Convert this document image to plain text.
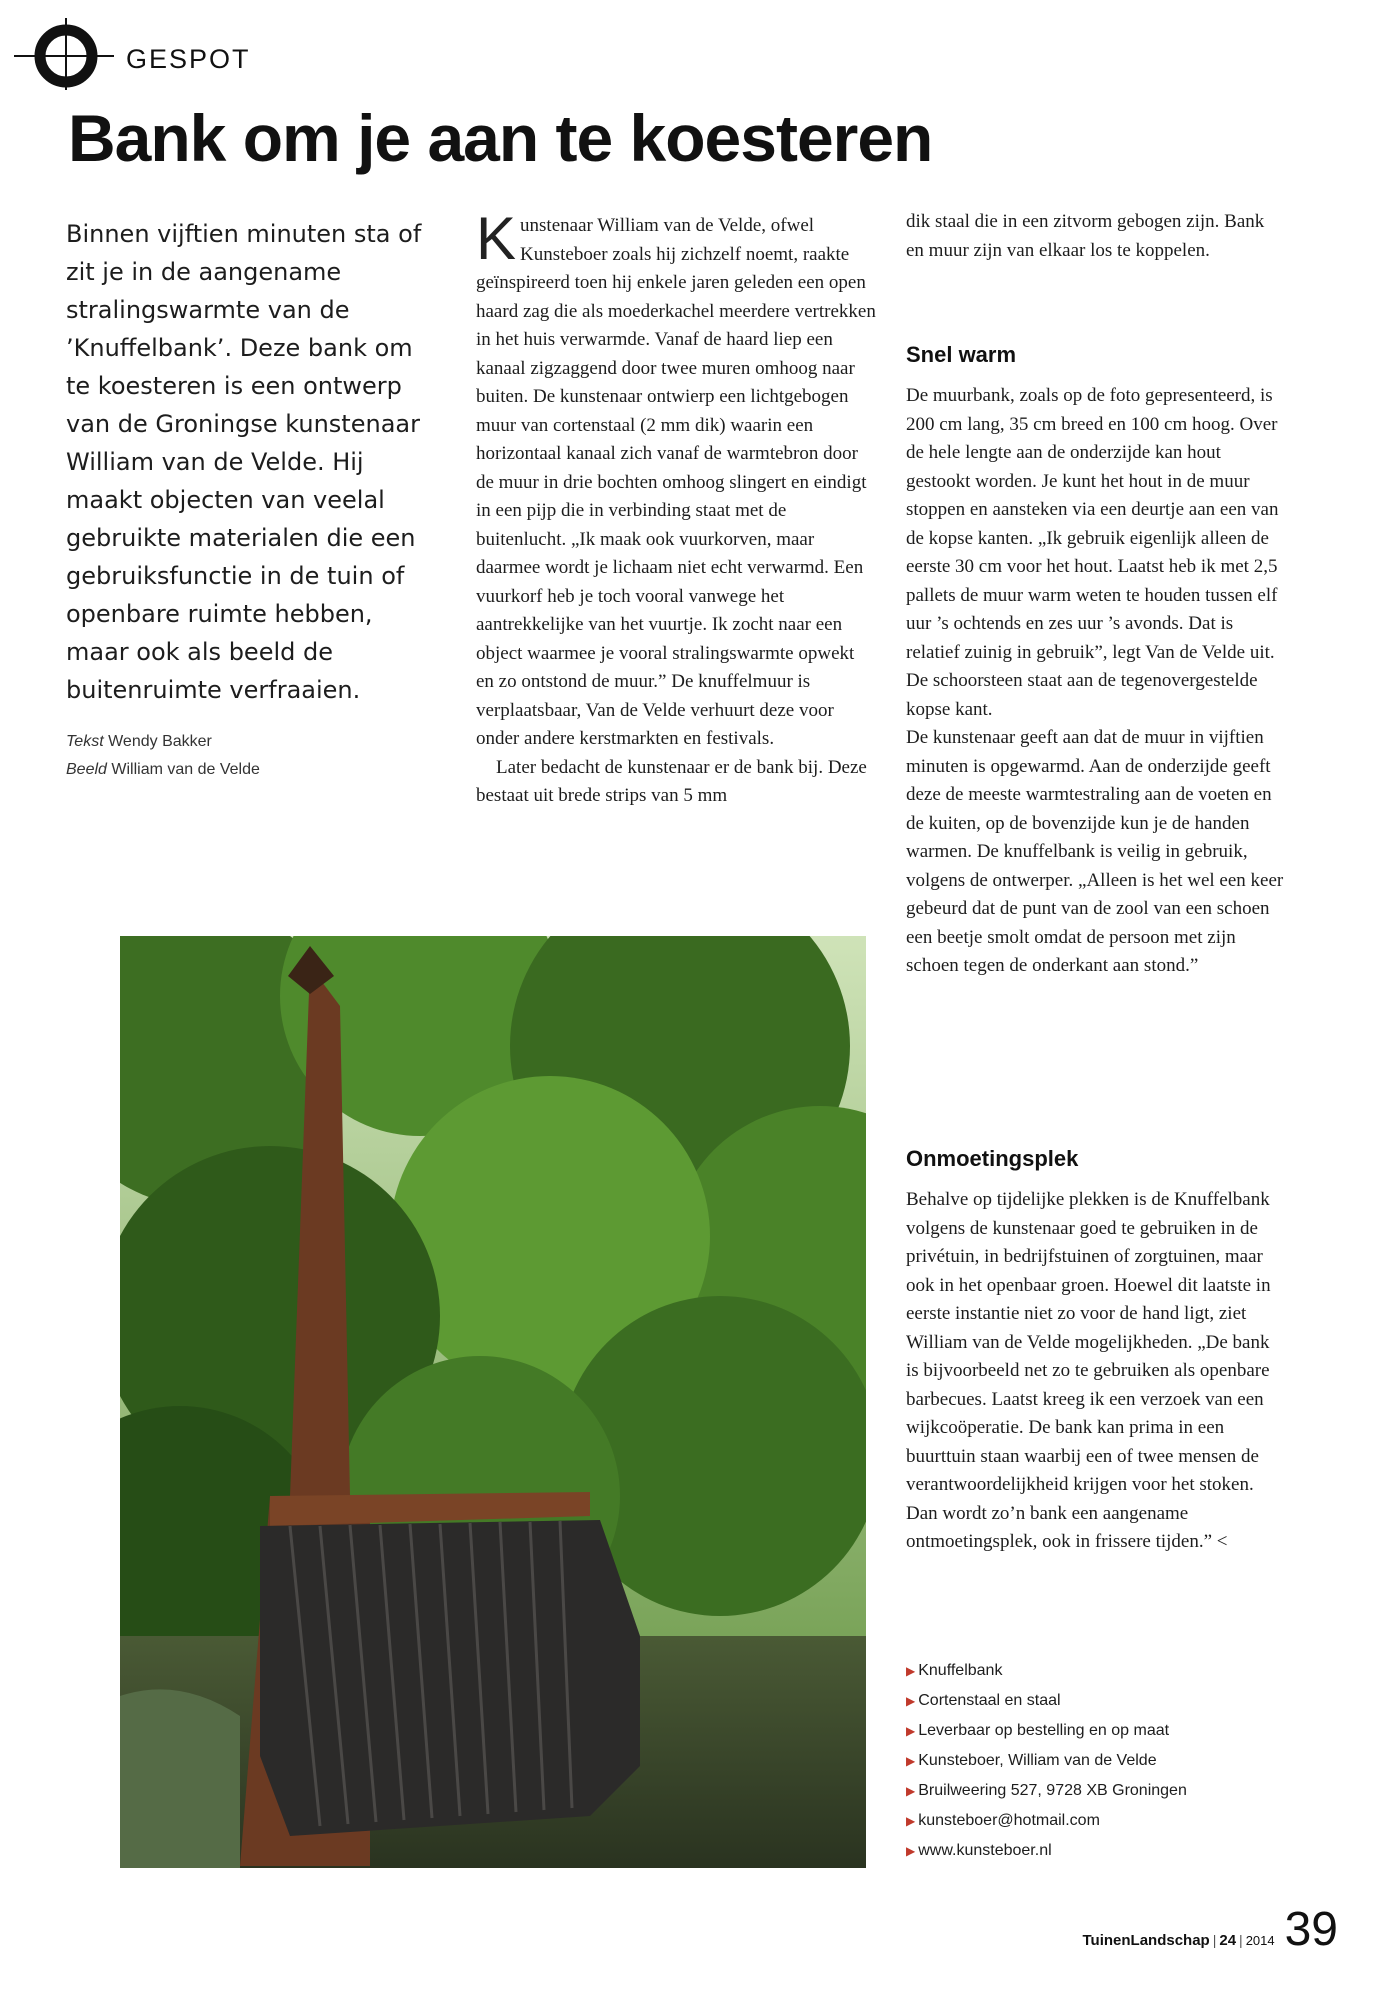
GESPOT
Bank om je aan te koesteren

Binnen vijftien minuten sta of zit je in de aangename stralingswarmte van de ’Knuffelbank’. Deze bank om te koesteren is een ontwerp van de Groningse kunstenaar William van de Velde. Hij maakt objecten van veelal gebruikte materialen die een gebruiksfunctie in de tuin of openbare ruimte hebben, maar ook als beeld de buitenruimte verfraaien.

Tekst Wendy Bakker
Beeld William van de Velde

Kunstenaar William van de Velde, ofwel Kunsteboer zoals hij zichzelf noemt, raakte geïnspireerd toen hij enkele jaren geleden een open haard zag die als moederkachel meerdere vertrekken in het huis verwarmde. Vanaf de haard liep een kanaal zigzaggend door twee muren omhoog naar buiten. De kunstenaar ontwierp een lichtgebogen muur van cortenstaal (2 mm dik) waarin een horizontaal kanaal zich vanaf de warmtebron door de muur in drie bochten omhoog slingert en eindigt in een pijp die in verbinding staat met de buitenlucht. „Ik maak ook vuurkorven, maar daarmee wordt je lichaam niet echt verwarmd. Een vuurkorf heb je toch vooral vanwege het aantrekkelijke van het vuurtje. Ik zocht naar een object waarmee je vooral stralingswarmte opwekt en zo ontstond de muur.” De knuffelmuur is verplaatsbaar, Van de Velde verhuurt deze voor onder andere kerstmarkten en festivals.

Later bedacht de kunstenaar er de bank bij. Deze bestaat uit brede strips van 5 mm

dik staal die in een zitvorm gebogen zijn. Bank en muur zijn van elkaar los te koppelen.

Snel warm

De muurbank, zoals op de foto gepresenteerd, is 200 cm lang, 35 cm breed en 100 cm hoog. Over de hele lengte aan de onderzijde kan hout gestookt worden. Je kunt het hout in de muur stoppen en aansteken via een deurtje aan een van de kopse kanten. „Ik gebruik eigenlijk alleen de eerste 30 cm voor het hout. Laatst heb ik met 2,5 pallets de muur warm weten te houden tussen elf uur ’s ochtends en zes uur ’s avonds. Dat is relatief zuinig in gebruik”, legt Van de Velde uit. De schoorsteen staat aan de tegenovergestelde kopse kant.

De kunstenaar geeft aan dat de muur in vijftien minuten is opgewarmd. Aan de onderzijde geeft deze de meeste warmtestraling aan de voeten en de kuiten, op de bovenzijde kun je de handen warmen. De knuffelbank is veilig in gebruik, volgens de ontwerper. „Alleen is het wel een keer gebeurd dat de punt van de zool van een schoen een beetje smolt omdat de persoon met zijn schoen tegen de onderkant aan stond.”

Onmoetingsplek

Behalve op tijdelijke plekken is de Knuffelbank volgens de kunstenaar goed te gebruiken in de privétuin, in bedrijfstuinen of zorgtuinen, maar ook in het openbaar groen. Hoewel dit laatste in eerste instantie niet zo voor de hand ligt, ziet William van de Velde mogelijkheden. „De bank is bijvoorbeeld net zo te gebruiken als openbare barbecues. Laatst kreeg ik een verzoek van een wijkcoöperatie. De bank kan prima in een buurttuin staan waarbij een of twee mensen de verantwoordelijkheid krijgen voor het stoken. Dan wordt zo’n bank een aangename ontmoetingsplek, ook in frissere tijden.” <

▶ Knuffelbank
▶ Cortenstaal en staal
▶ Leverbaar op bestelling en op maat
▶ Kunsteboer, William van de Velde
▶ Bruilweering 527, 9728 XB Groningen
▶ kunsteboer@hotmail.com
▶ www.kunsteboer.nl
TuinenLandschap | 24 | 2014 39
